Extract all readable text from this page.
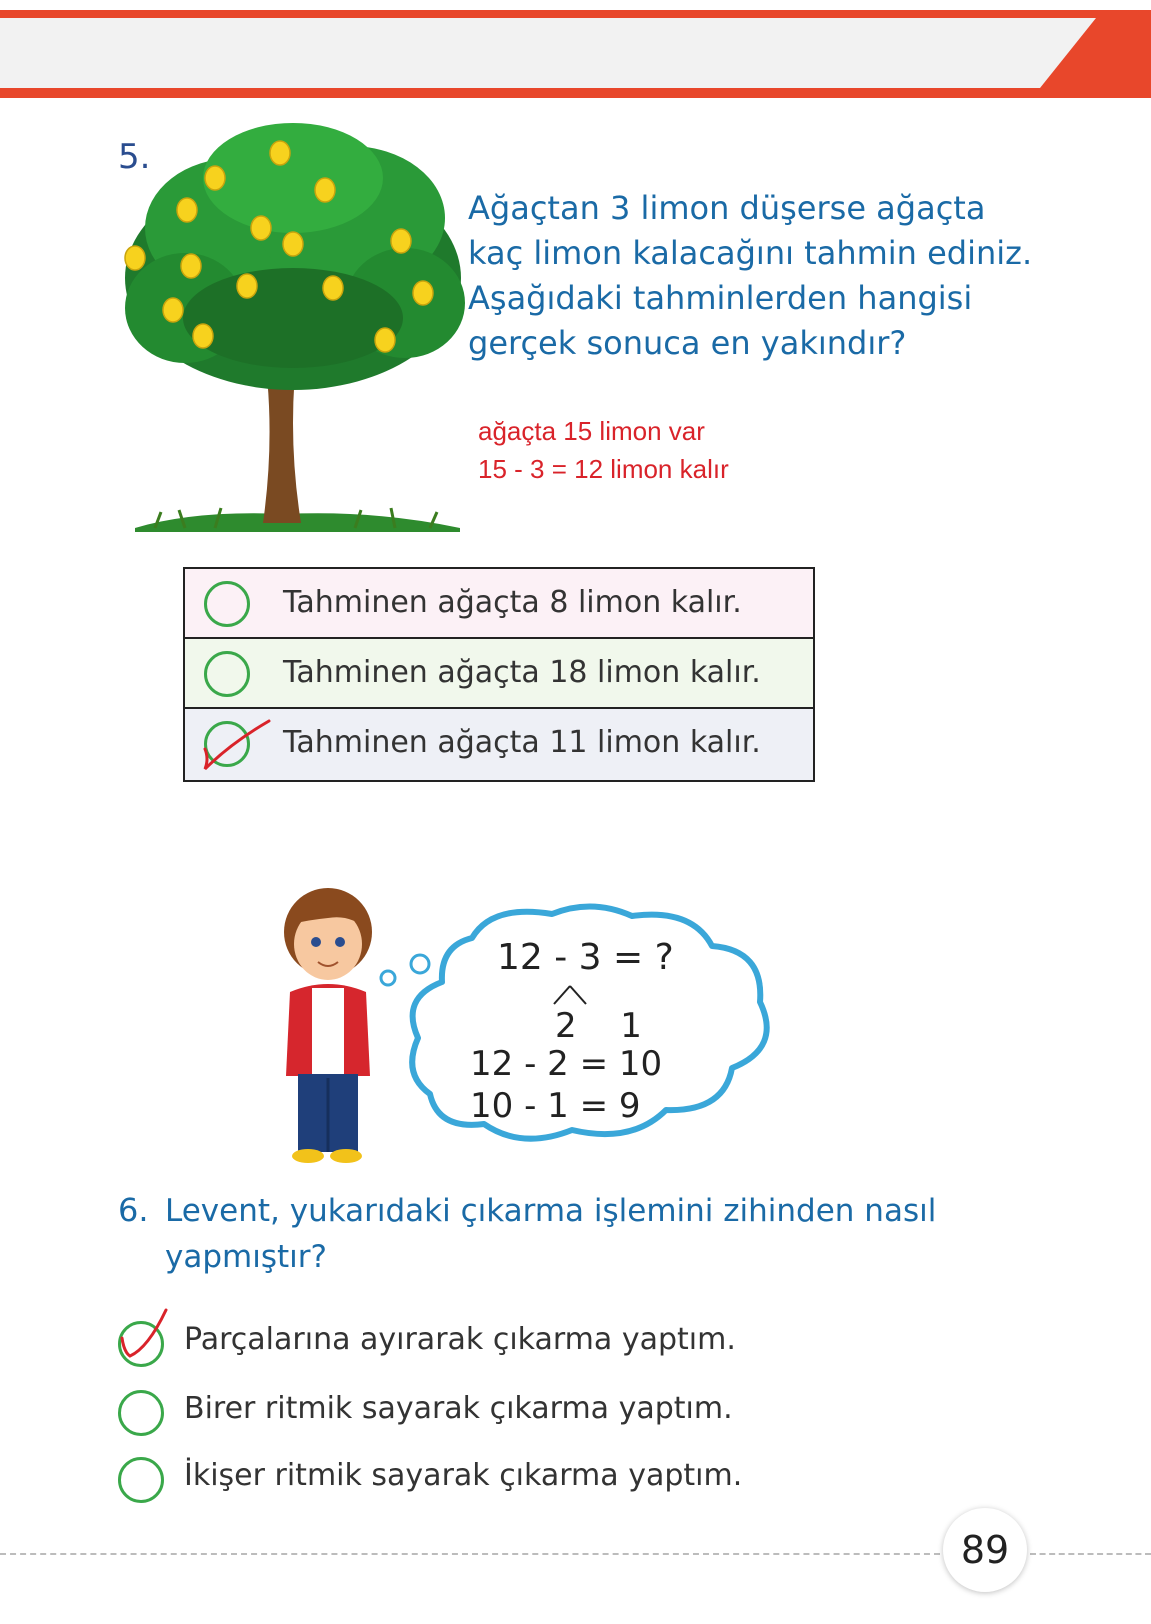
5.
Ağaçtan 3 limon düşerse ağaçta
kaç limon kalacağını tahmin ediniz.
Aşağıdaki tahminlerden hangisi
gerçek sonuca en yakındır?
ağaçta 15 limon var
15 - 3 = 12 limon kalır
Tahminen ağaçta 8 limon kalır.
Tahminen ağaçta 18 limon kalır.
Tahminen ağaçta 11 limon kalır.
12 - 3 = ?
2 1
12 - 2 = 10
10 - 1 = 9
6. Levent, yukarıdaki çıkarma işlemini zihinden nasıl
yapmıştır?
Parçalarına ayırarak çıkarma yaptım.
Birer ritmik sayarak çıkarma yaptım.
İkişer ritmik sayarak çıkarma yaptım.
89
